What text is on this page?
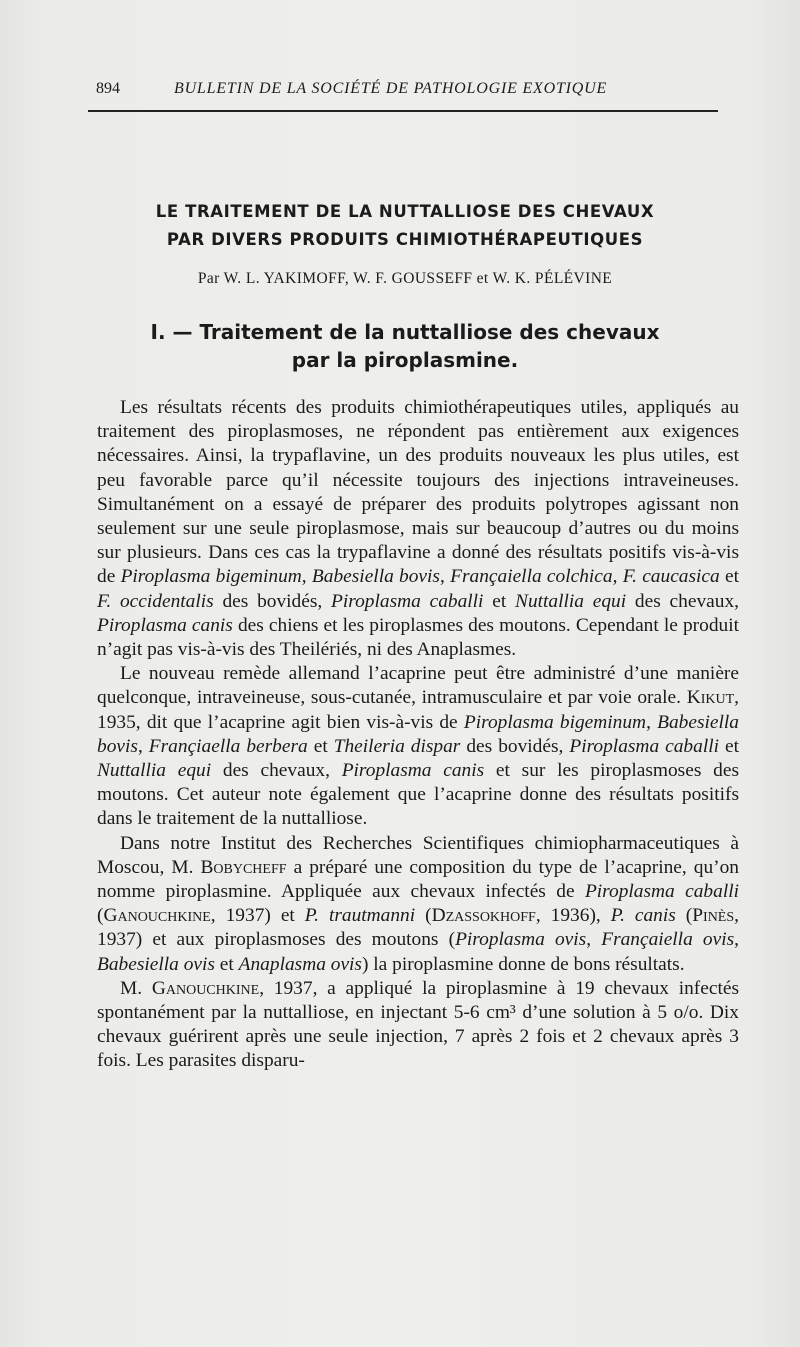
894	BULLETIN DE LA SOCIÉTÉ DE PATHOLOGIE EXOTIQUE
LE TRAITEMENT DE LA NUTTALLIOSE DES CHEVAUX
PAR DIVERS PRODUITS CHIMIOTHÉRAPEUTIQUES
Par W. L. YAKIMOFF, W. F. GOUSSEFF et W. K. PÉLÉVINE
I. — Traitement de la nuttalliose des chevaux
par la piroplasmine.

Les résultats récents des produits chimiothérapeutiques utiles, appliqués au traitement des piroplasmoses, ne répondent pas entièrement aux exigences nécessaires. Ainsi, la trypaflavine, un des produits nouveaux les plus utiles, est peu favorable parce qu’il nécessite toujours des injections intraveineuses. Simultanément on a essayé de préparer des produits polytropes agissant non seulement sur une seule piroplasmose, mais sur beaucoup d’autres ou du moins sur plusieurs. Dans ces cas la trypaflavine a donné des résultats positifs vis-à-vis de Piroplasma bigeminum, Babesiella bovis, Françaiella colchica, F. caucasica et F. occidentalis des bovidés, Piroplasma caballi et Nuttallia equi des chevaux, Piroplasma canis des chiens et les piroplasmes des moutons. Cependant le produit n’agit pas vis-à-vis des Theilériés, ni des Anaplasmes.

Le nouveau remède allemand l’acaprine peut être administré d’une manière quelconque, intraveineuse, sous-cutanée, intramusculaire et par voie orale. Kikut, 1935, dit que l’acaprine agit bien vis-à-vis de Piroplasma bigeminum, Babesiella bovis, Françiaella berbera et Theileria dispar des bovidés, Piroplasma caballi et Nuttallia equi des chevaux, Piroplasma canis et sur les piroplasmoses des moutons. Cet auteur note également que l’acaprine donne des résultats positifs dans le traitement de la nuttalliose.

Dans notre Institut des Recherches Scientifiques chimiopharmaceutiques à Moscou, M. Bobycheff a préparé une composition du type de l’acaprine, qu’on nomme piroplasmine. Appliquée aux chevaux infectés de Piroplasma caballi (Ganouchkine, 1937) et P. trautmanni (Dzassokhoff, 1936), P. canis (Pinès, 1937) et aux piroplasmoses des moutons (Piroplasma ovis, Françaiella ovis, Babesiella ovis et Anaplasma ovis) la piroplasmine donne de bons résultats.

M. Ganouchkine, 1937, a appliqué la piroplasmine à 19 chevaux infectés spontanément par la nuttalliose, en injectant 5-6 cm³ d’une solution à 5 o/o. Dix chevaux guérirent après une seule injection, 7 après 2 fois et 2 chevaux après 3 fois. Les parasites disparu-
